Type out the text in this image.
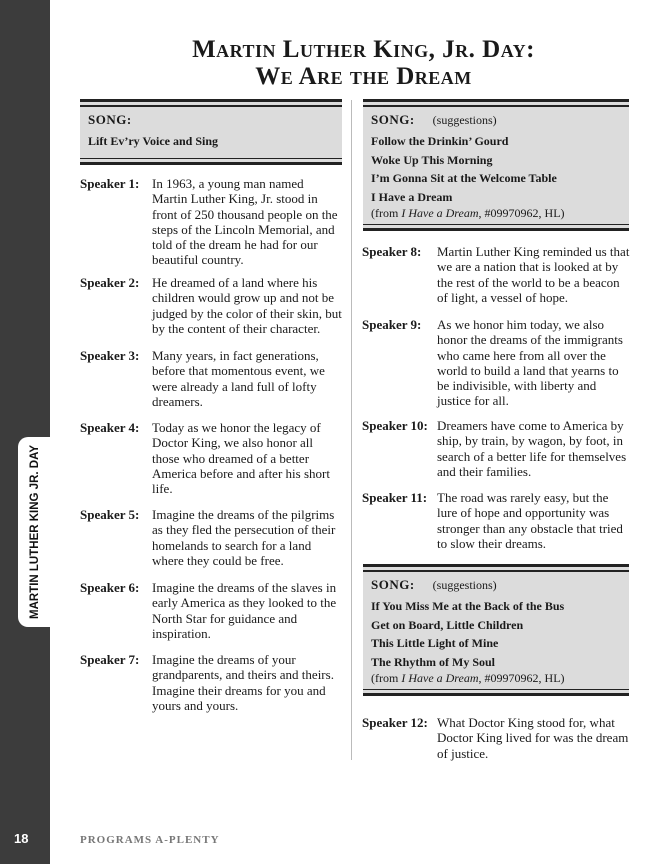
MARTIN LUTHER KING JR. DAY
18	PROGRAMS A-PLENTY
Martin Luther King, Jr. Day:
We Are the Dream
SONG:
Lift Ev’ry Voice and Sing
SONG: (suggestions)
Follow the Drinkin’ Gourd
Woke Up This Morning
I’m Gonna Sit at the Welcome Table
I Have a Dream
(from I Have a Dream, #09970962, HL)
SONG: (suggestions)
If You Miss Me at the Back of the Bus
Get on Board, Little Children
This Little Light of Mine
The Rhythm of My Soul
(from I Have a Dream, #09970962, HL)
Speaker 1: In 1963, a young man named Martin Luther King, Jr. stood in front of 250 thousand people on the steps of the Lincoln Memorial, and told of the dream he had for our beautiful country.
Speaker 2: He dreamed of a land where his children would grow up and not be judged by the color of their skin, but by the content of their character.
Speaker 3: Many years, in fact generations, before that momentous event, we were already a land full of lofty dreamers.
Speaker 4: Today as we honor the legacy of Doctor King, we also honor all those who dreamed of a better America before and after his short life.
Speaker 5: Imagine the dreams of the pilgrims as they fled the persecution of their homelands to search for a land where they could be free.
Speaker 6: Imagine the dreams of the slaves in early America as they looked to the North Star for guidance and inspiration.
Speaker 7: Imagine the dreams of your grandparents, and theirs and theirs. Imagine their dreams for you and yours and yours.
Speaker 8: Martin Luther King reminded us that we are a nation that is looked at by the rest of the world to be a beacon of light, a vessel of hope.
Speaker 9: As we honor him today, we also honor the dreams of the immigrants who came here from all over the world to build a land that yearns to be indivisible, with liberty and justice for all.
Speaker 10: Dreamers have come to America by ship, by train, by wagon, by foot, in search of a better life for themselves and their families.
Speaker 11: The road was rarely easy, but the lure of hope and opportunity was stronger than any obstacle that tried to slow their dreams.
Speaker 12: What Doctor King stood for, what Doctor King lived for was the dream of justice.
